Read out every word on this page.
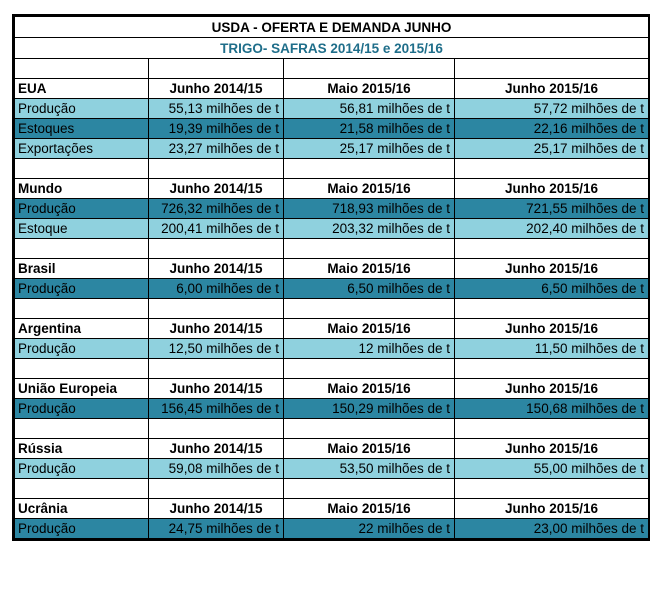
USDA - OFERTA E DEMANDA JUNHO			
TRIGO- SAFRAS 2014/15 e 2015/16			

EUA	Junho 2014/15	Maio 2015/16	Junho 2015/16
Produção	55,13 milhões de t	56,81 milhões de t	57,72 milhões de t
Estoques	19,39 milhões de t	21,58 milhões de t	22,16 milhões de t
Exportações	23,27 milhões de t	25,17 milhões de t	25,17 milhões de t

Mundo	Junho 2014/15	Maio 2015/16	Junho 2015/16
Produção	726,32 milhões de t	718,93 milhões de t	721,55 milhões de t
Estoque	200,41 milhões de t	203,32 milhões de t	202,40 milhões de t

Brasil	Junho 2014/15	Maio 2015/16	Junho 2015/16
Produção	6,00 milhões de t	6,50 milhões de t	6,50 milhões de t

Argentina	Junho 2014/15	Maio 2015/16	Junho 2015/16
Produção	12,50 milhões de t	12 milhões de t	11,50 milhões de t

União Europeia	Junho 2014/15	Maio 2015/16	Junho 2015/16
Produção	156,45 milhões de t	150,29 milhões de t	150,68 milhões de t

Rússia	Junho 2014/15	Maio 2015/16	Junho 2015/16
Produção	59,08 milhões de t	53,50 milhões de t	55,00 milhões de t

Ucrânia	Junho 2014/15	Maio 2015/16	Junho 2015/16
Produção	24,75 milhões de t	22 milhões de t	23,00 milhões de t
